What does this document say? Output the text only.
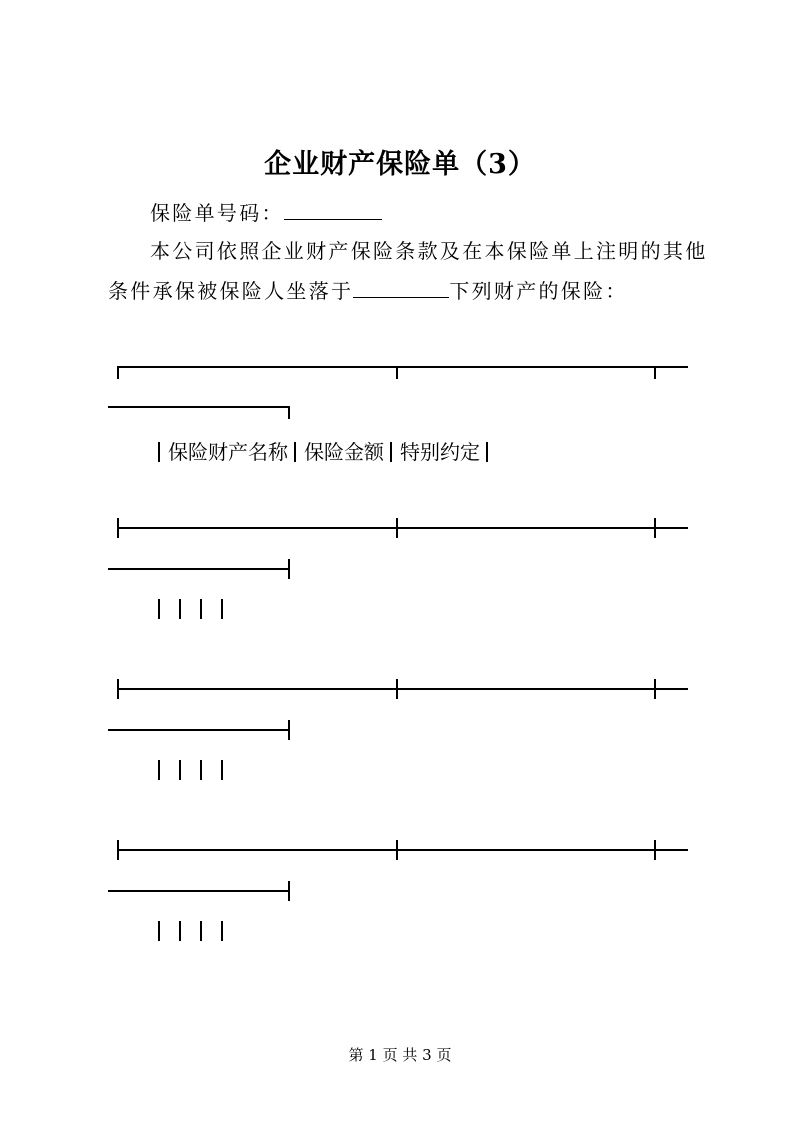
企业财产保险单（3）
保险单号码：
本公司依照企业财产保险条款及在本保险单上注明的其他
条件承保被保险人坐落于	下列财产的保险：
保险财产名称 保险金额 特别约定
第 1 页 共 3 页
